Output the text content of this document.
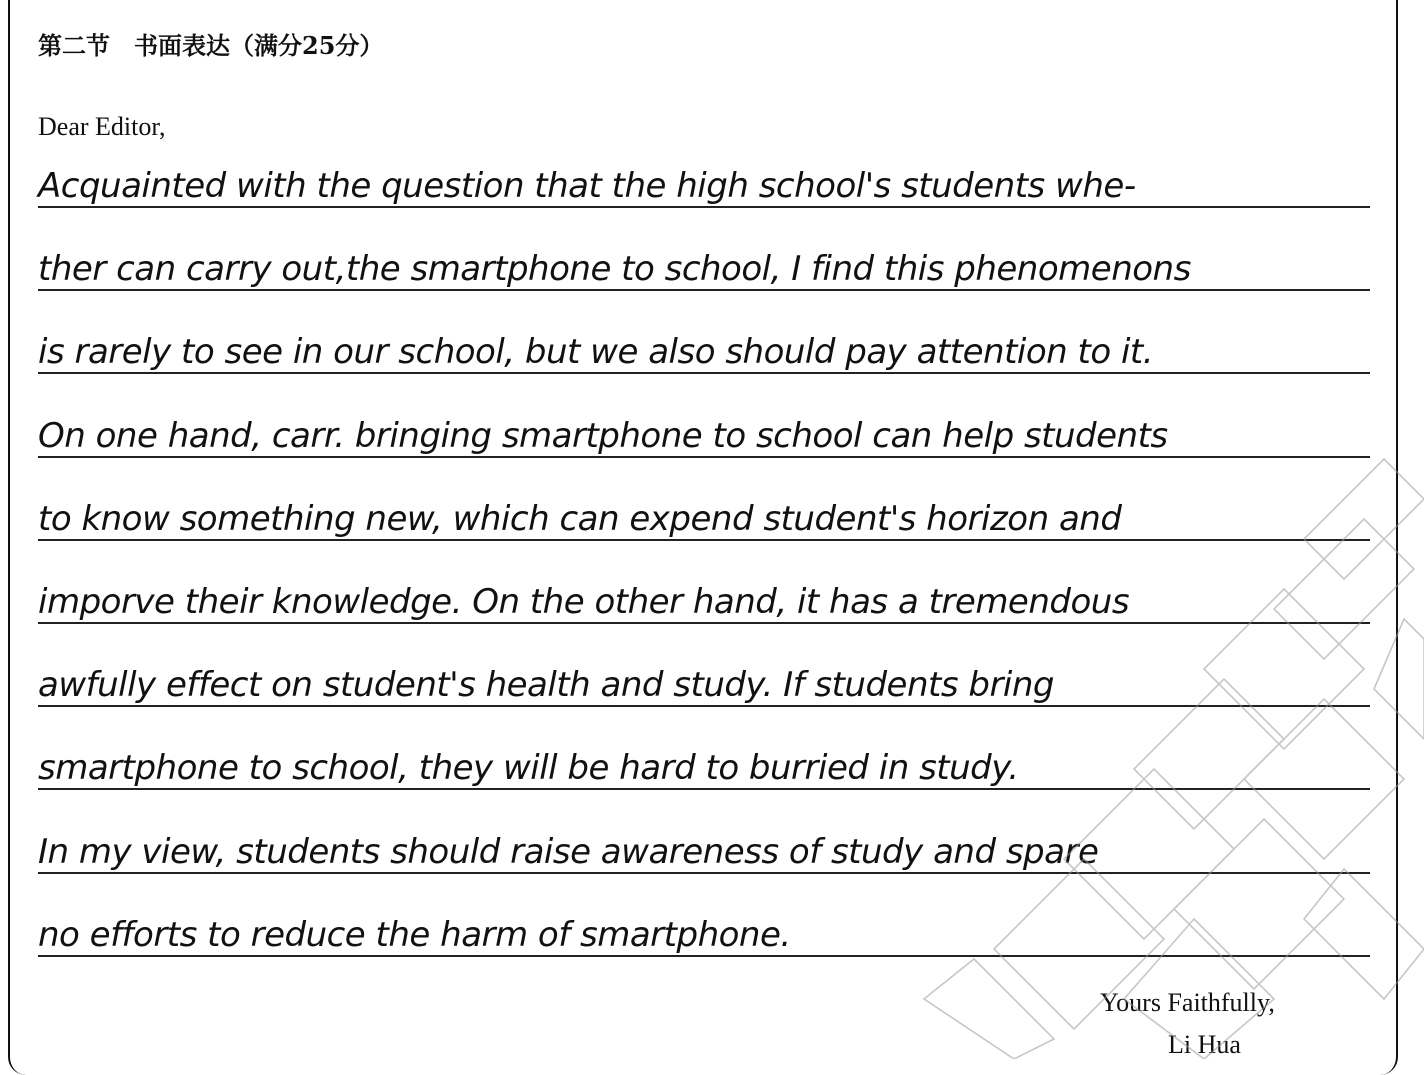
第二节　书面表达（满分25分）
Dear Editor,
Acquainted with the question that the high school's students whe-
ther can carry out,the smartphone to school, I find this phenomenons
is rarely to see in our school, but we also should pay attention to it.
On one hand, carr. bringing smartphone to school can help students
to know something new, which can expend student's horizon and
imporve their knowledge. On the other hand, it has a tremendous
awfully effect on student's health and study. If students bring
smartphone to school, they will be hard to burried in study.
In my view, students should raise awareness of study and spare
no efforts to reduce the harm of smartphone.
Yours Faithfully,
Li Hua
